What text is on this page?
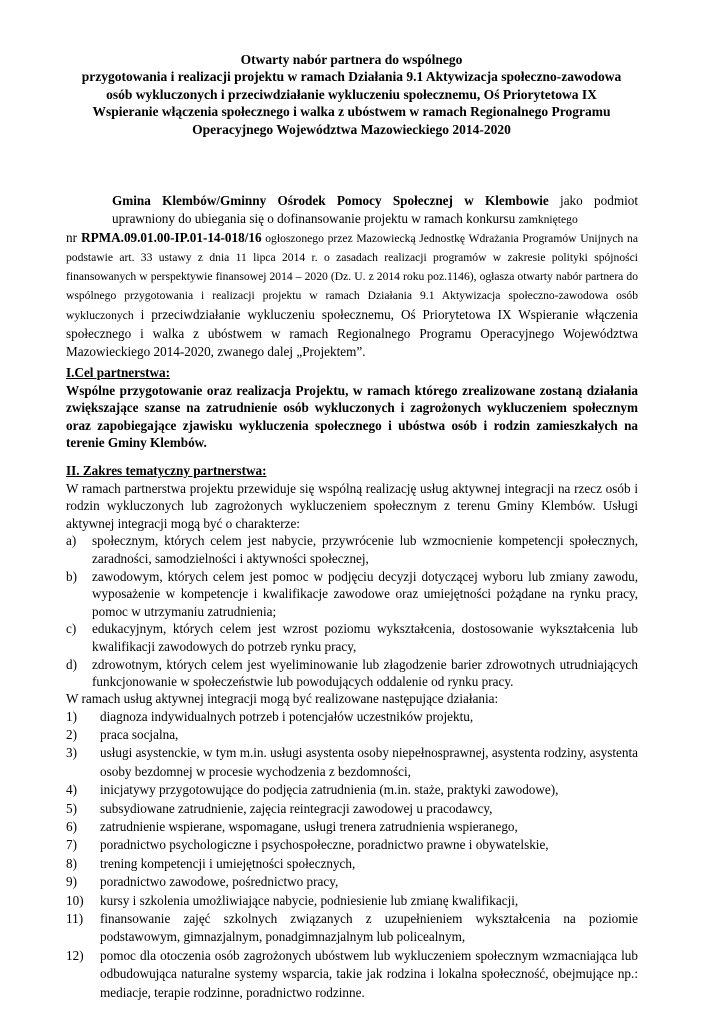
Otwarty nabór partnera do wspólnego
przygotowania i realizacji projektu w ramach Działania 9.1 Aktywizacja społeczno-zawodowa
osób wykluczonych i przeciwdziałanie wykluczeniu społecznemu, Oś Priorytetowa IX
Wspieranie włączenia społecznego i walka z ubóstwem w ramach Regionalnego Programu
Operacyjnego Województwa Mazowieckiego 2014-2020
Gmina Klembów/Gminny Ośrodek Pomocy Społecznej w Klembowie jako podmiot uprawniony do ubiegania się o dofinansowanie projektu w ramach konkursu zamkniętego
nr RPMA.09.01.00-IP.01-14-018/16 ogłoszonego przez Mazowiecką Jednostkę Wdrażania Programów Unijnych na podstawie art. 33 ustawy z dnia 11 lipca 2014 r. o zasadach realizacji programów w zakresie polityki spójności finansowanych w perspektywie finansowej 2014 – 2020 (Dz. U. z 2014 roku poz.1146), ogłasza otwarty nabór partnera do wspólnego przygotowania i realizacji projektu w ramach Działania 9.1 Aktywizacja społeczno-zawodowa osób wykluczonych i przeciwdziałanie wykluczeniu społecznemu, Oś Priorytetowa IX Wspieranie włączenia społecznego i walka z ubóstwem w ramach Regionalnego Programu Operacyjnego Województwa Mazowieckiego 2014-2020, zwanego dalej „Projektem”.
I.Cel partnerstwa:
Wspólne przygotowanie oraz realizacja Projektu, w ramach którego zrealizowane zostaną działania zwiększające szanse na zatrudnienie osób wykluczonych i zagrożonych wykluczeniem społecznym oraz zapobiegające zjawisku wykluczenia społecznego i ubóstwa osób i rodzin zamieszkałych na terenie Gminy Klembów.
II. Zakres tematyczny partnerstwa:
W ramach partnerstwa projektu przewiduje się wspólną realizację usług aktywnej integracji na rzecz osób i rodzin wykluczonych lub zagrożonych wykluczeniem społecznym z terenu Gminy Klembów. Usługi aktywnej integracji mogą być o charakterze:
a) społecznym, których celem jest nabycie, przywrócenie lub wzmocnienie kompetencji społecznych, zaradności, samodzielności i aktywności społecznej,
b) zawodowym, których celem jest pomoc w podjęciu decyzji dotyczącej wyboru lub zmiany zawodu, wyposażenie w kompetencje i kwalifikacje zawodowe oraz umiejętności pożądane na rynku pracy, pomoc w utrzymaniu zatrudnienia;
c) edukacyjnym, których celem jest wzrost poziomu wykształcenia, dostosowanie wykształcenia lub kwalifikacji zawodowych do potrzeb rynku pracy,
d) zdrowotnym, których celem jest wyeliminowanie lub złagodzenie barier zdrowotnych utrudniających funkcjonowanie w społeczeństwie lub powodujących oddalenie od rynku pracy.
W ramach usług aktywnej integracji mogą być realizowane następujące działania:
1) diagnoza indywidualnych potrzeb i potencjałów uczestników projektu,
2) praca socjalna,
3) usługi asystenckie, w tym m.in. usługi asystenta osoby niepełnosprawnej, asystenta rodziny, asystenta osoby bezdomnej w procesie wychodzenia z bezdomności,
4) inicjatywy przygotowujące do podjęcia zatrudnienia (m.in. staże, praktyki zawodowe),
5) subsydiowane zatrudnienie, zajęcia reintegracji zawodowej u pracodawcy,
6) zatrudnienie wspierane, wspomagane, usługi trenera zatrudnienia wspieranego,
7) poradnictwo psychologiczne i psychospołeczne, poradnictwo prawne i obywatelskie,
8) trening kompetencji i umiejętności społecznych,
9) poradnictwo zawodowe, pośrednictwo pracy,
10) kursy i szkolenia umożliwiające nabycie, podniesienie lub zmianę kwalifikacji,
11) finansowanie zajęć szkolnych związanych z uzupełnieniem wykształcenia na poziomie podstawowym, gimnazjalnym, ponadgimnazjalnym lub policealnym,
12) pomoc dla otoczenia osób zagrożonych ubóstwem lub wykluczeniem społecznym wzmacniająca lub odbudowująca naturalne systemy wsparcia, takie jak rodzina i lokalna społeczność, obejmujące np.: mediacje, terapie rodzinne, poradnictwo rodzinne.
